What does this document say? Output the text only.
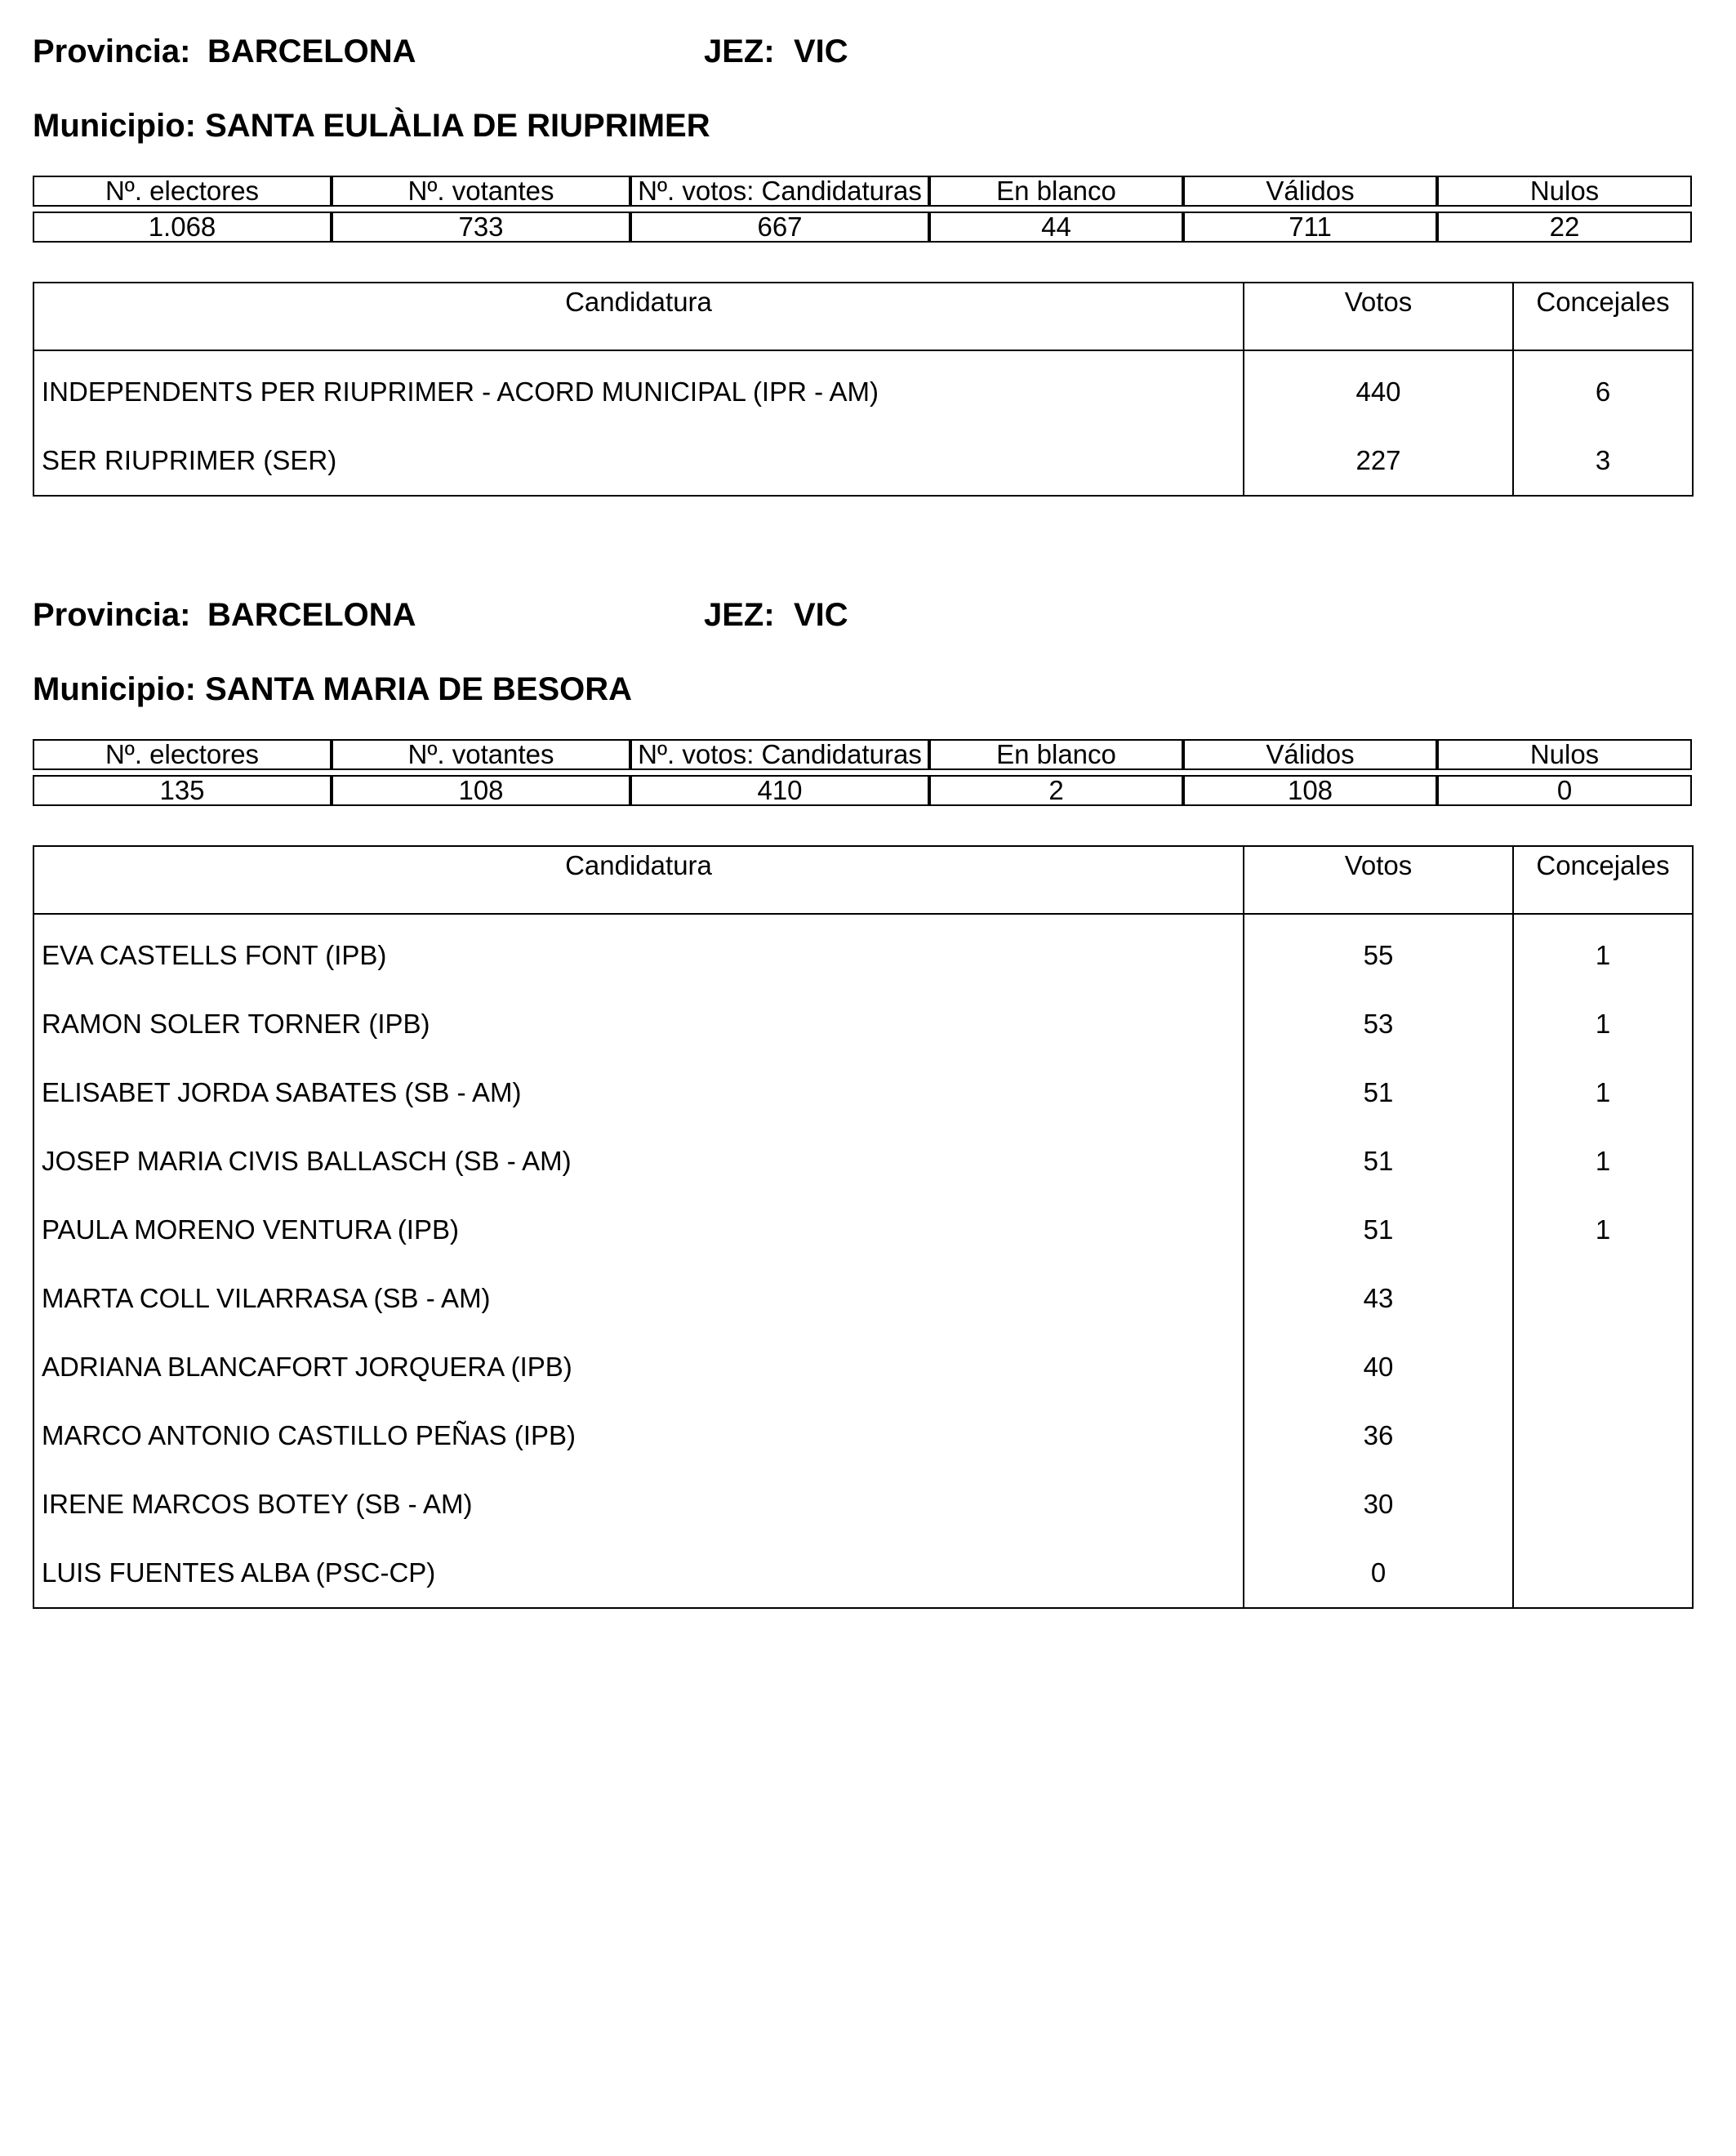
Provincia: BARCELONA	JEZ: VIC
Municipio: SANTA EULÀLIA DE RIUPRIMER
Nº. electores	Nº. votantes	Nº. votos: Candidaturas	En blanco	Válidos	Nulos

1.068	733	667	44	711	22
Candidatura	Votos	Concejales
INDEPENDENTS PER RIUPRIMER - ACORD MUNICIPAL (IPR - AM)	440	6
SER RIUPRIMER (SER)	227	3
Provincia: BARCELONA	JEZ: VIC
Municipio: SANTA MARIA DE BESORA
Nº. electores	Nº. votantes	Nº. votos: Candidaturas	En blanco	Válidos	Nulos

135	108	410	2	108	0
Candidatura	Votos	Concejales
EVA CASTELLS FONT (IPB)	55	1
RAMON SOLER TORNER (IPB)	53	1
ELISABET JORDA SABATES (SB - AM)	51	1
JOSEP MARIA CIVIS BALLASCH (SB - AM)	51	1
PAULA MORENO VENTURA (IPB)	51	1
MARTA COLL VILARRASA (SB - AM)	43	
ADRIANA BLANCAFORT JORQUERA (IPB)	40	
MARCO ANTONIO CASTILLO PEÑAS (IPB)	36	
IRENE MARCOS BOTEY (SB - AM)	30	
LUIS FUENTES ALBA (PSC-CP)	0	
